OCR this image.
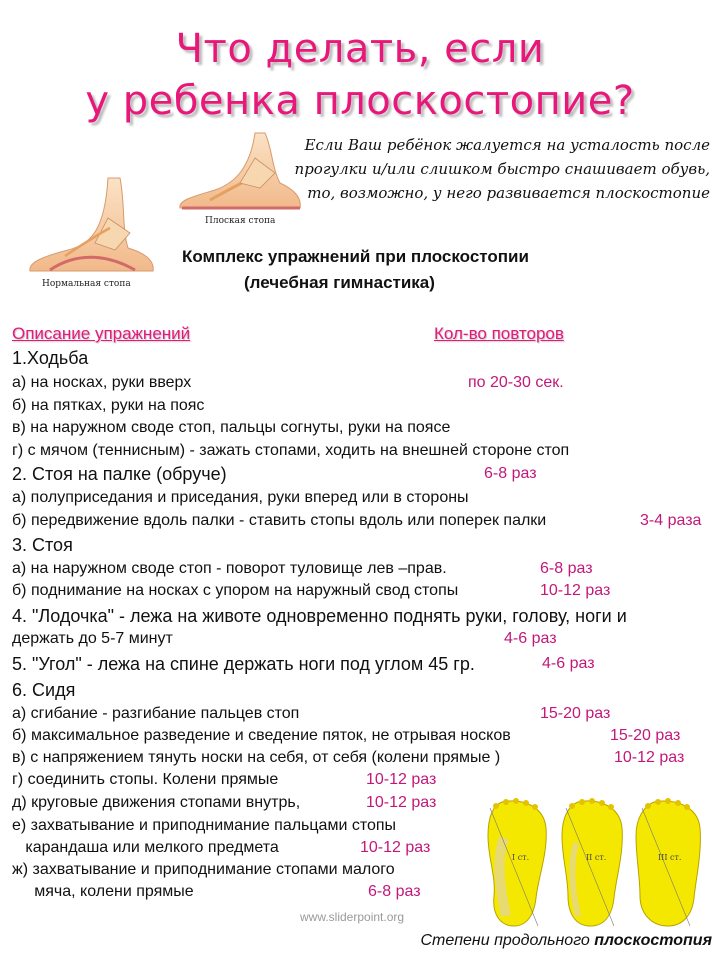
Что делать, если
у ребенка плоскостопие?
Плоская стопа
Нормальная стопа
Если Ваш ребёнок жалуется на усталость после прогулки и/или слишком быстро снашивает обувь, то, возможно, у него развивается плоскостопие
Комплекс упражнений при плоскостопии
(лечебная гимнастика)
Описание упражнений	Кол-во повторов
1.Ходьба
а) на носках, руки вверх	по 20-30 сек.
б) на пятках, руки на пояс
в) на наружном своде стоп, пальцы согнуты, руки на поясе
г) с мячом (теннисным) - зажать стопами, ходить на внешней стороне стоп
2. Стоя на палке (обруче)	6-8 раз
а) полуприседания и приседания, руки вперед или в стороны
б) передвижение вдоль палки - ставить стопы вдоль или поперек палки	3-4 раза
3. Стоя
а) на наружном своде стоп - поворот туловище лев –прав.	6-8 раз
б) поднимание на носках с упором на наружный свод стопы	10-12 раз
4. "Лодочка" - лежа на животе одновременно поднять руки, голову, ноги и
держать до 5-7 минут	4-6 раз
5. "Угол" - лежа на спине держать ноги под углом 45 гр.	4-6 раз
6. Сидя
а) сгибание - разгибание пальцев стоп	15-20 раз
б) максимальное разведение и сведение пяток, не отрывая носков	15-20 раз
в) с напряжением тянуть носки на себя, от себя (колени прямые )	10-12 раз
г) соединить стопы. Колени прямые	10-12 раз
д) круговые движения стопами внутрь,	10-12 раз
е) захватывание и приподнимание пальцами стопы
карандаша или мелкого предмета	10-12 раз
ж) захватывание и приподнимание стопами малого
мяча, колени прямые	6-8 раз
I ст.	II ст.	III ст.
www.sliderpoint.org
Степени продольного плоскостопия
